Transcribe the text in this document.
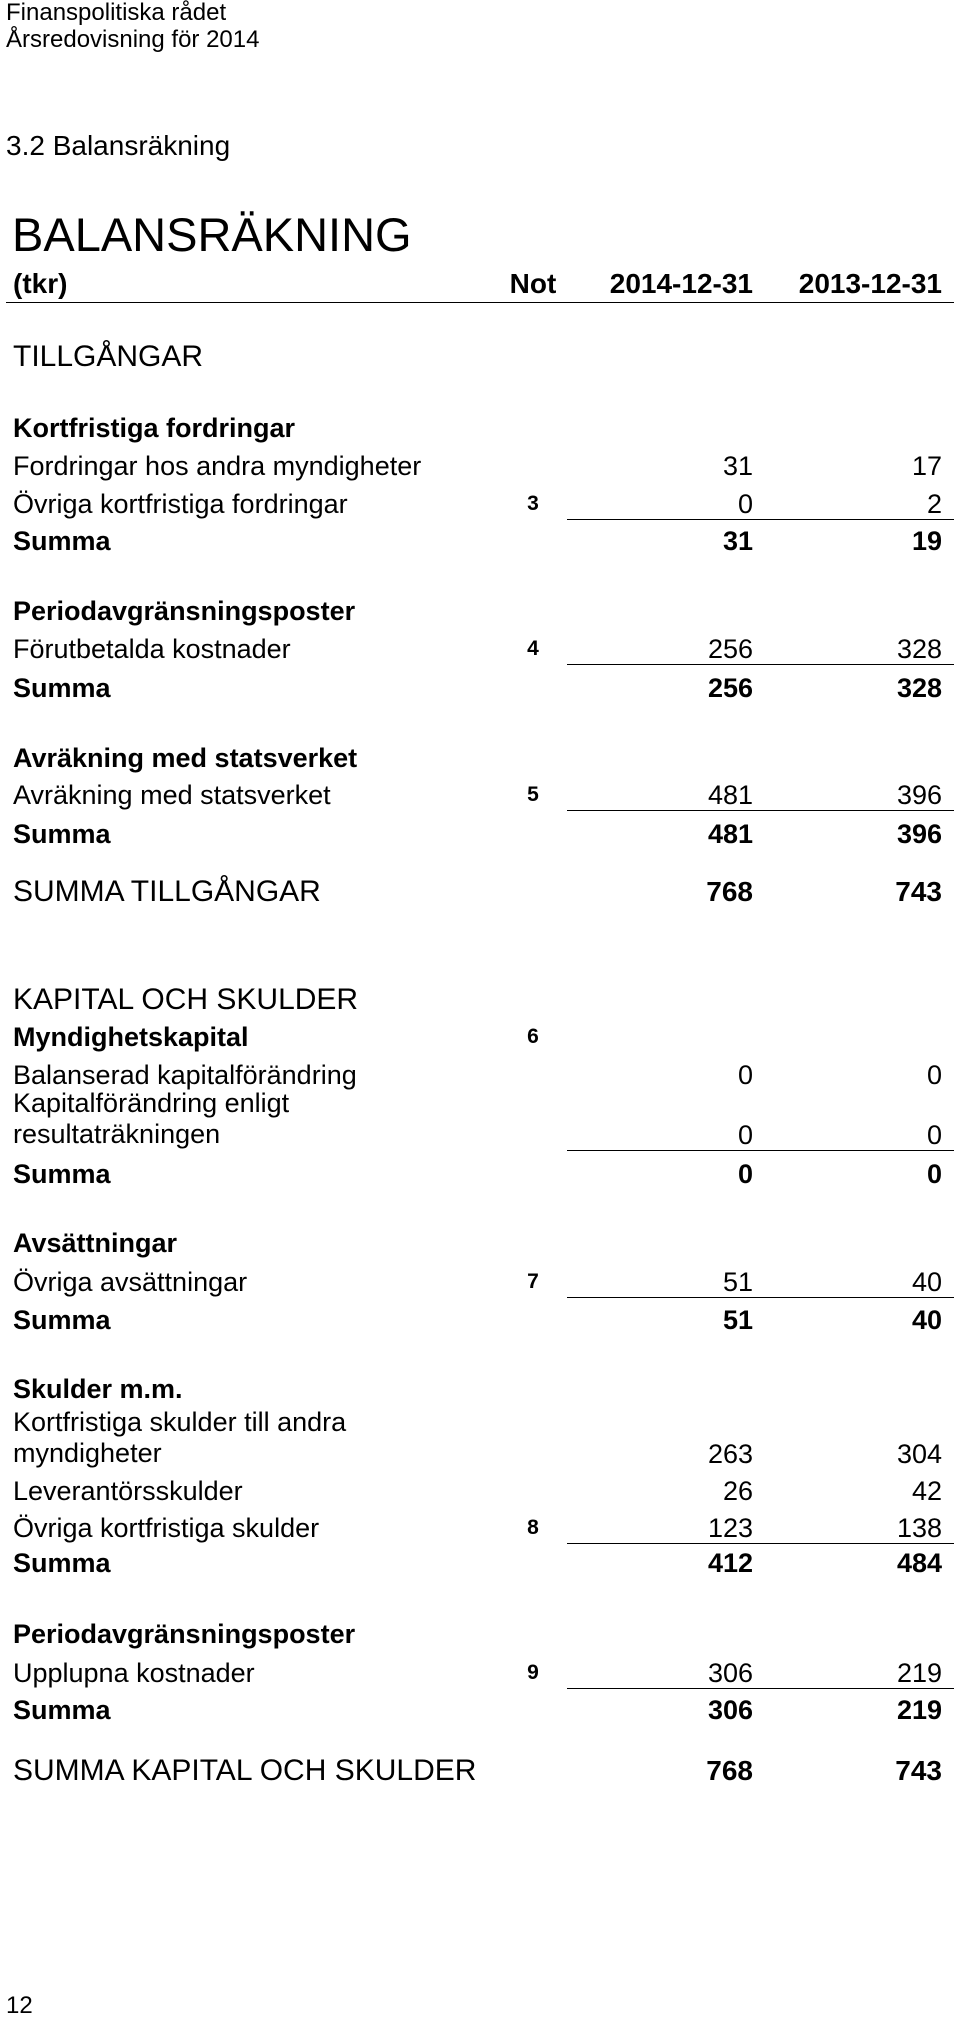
Finanspolitiska rådet
Årsredovisning för 2014
3.2 Balansräkning
BALANSRÄKNING
(tkr)	Not	2014-12-31 2013-12-31
TILLGÅNGAR
Kortfristiga fordringar
Fordringar hos andra myndigheter	31	17
Övriga kortfristiga fordringar	3	0	2
Summa	31	19
Periodavgränsningsposter
Förutbetalda kostnader	4	256	328
Summa	256	328
Avräkning med statsverket
Avräkning med statsverket	5	481	396
Summa	481	396
SUMMA TILLGÅNGAR	768	743
KAPITAL OCH SKULDER
Myndighetskapital	6
Balanserad kapitalförändring	0	0
Kapitalförändring enligt resultaträkningen	0	0
Summa	0	0
Avsättningar
Övriga avsättningar	7	51	40
Summa	51	40
Skulder m.m.
Kortfristiga skulder till andra myndigheter	263	304
Leverantörsskulder	26	42
Övriga kortfristiga skulder	8	123	138
Summa	412	484
Periodavgränsningsposter
Upplupna kostnader	9	306	219
Summa	306	219
SUMMA KAPITAL OCH SKULDER	768	743
12
